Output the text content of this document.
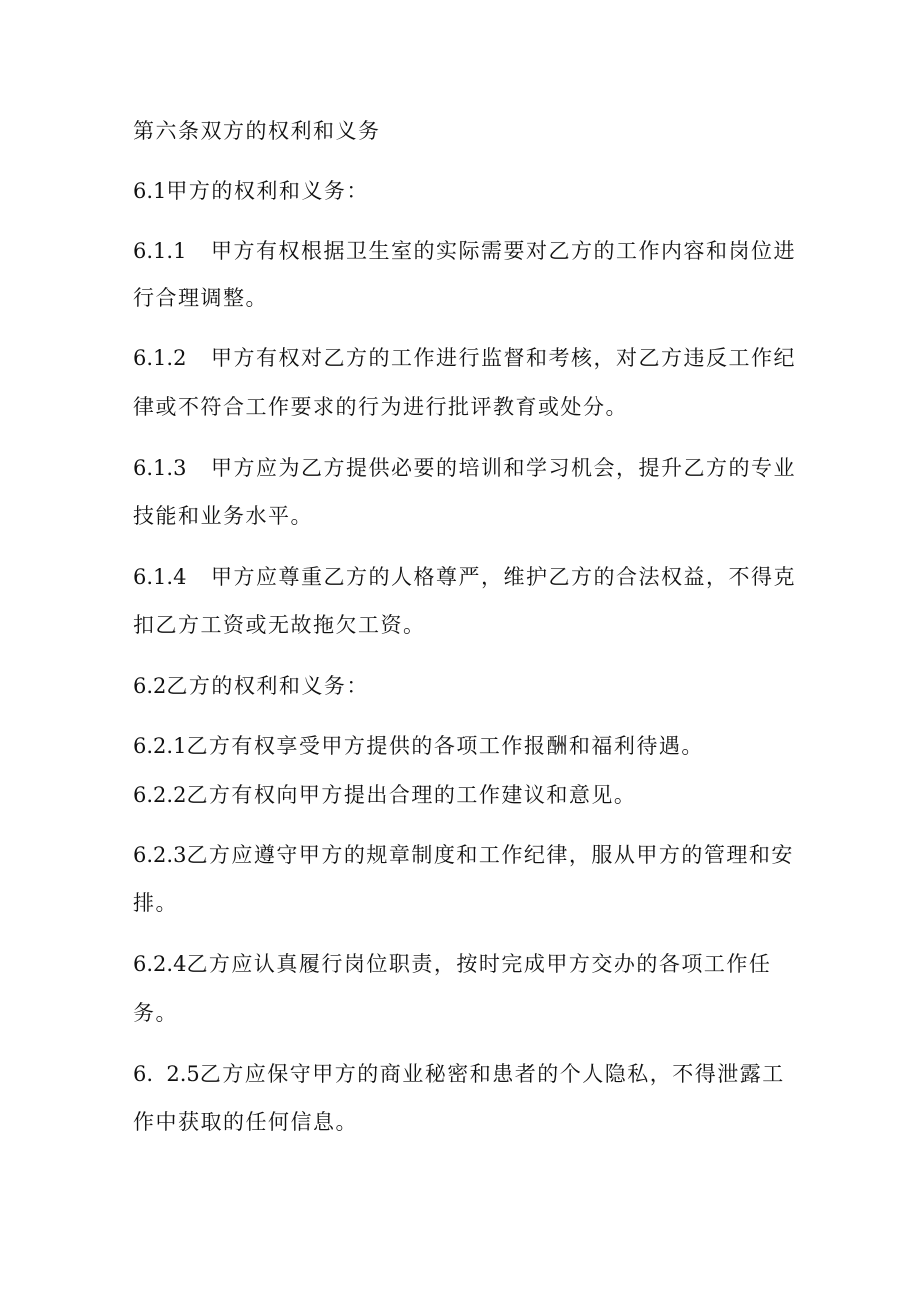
第六条双方的权利和义务
6.1甲方的权利和义务：
6.1.1 甲方有权根据卫生室的实际需要对乙方的工作内容和岗位进
行合理调整。
6.1.2 甲方有权对乙方的工作进行监督和考核，对乙方违反工作纪
律或不符合工作要求的行为进行批评教育或处分。
6.1.3 甲方应为乙方提供必要的培训和学习机会，提升乙方的专业
技能和业务水平。
6.1.4 甲方应尊重乙方的人格尊严，维护乙方的合法权益，不得克
扣乙方工资或无故拖欠工资。
6.2乙方的权利和义务：
6.2.1乙方有权享受甲方提供的各项工作报酬和福利待遇。
6.2.2乙方有权向甲方提出合理的工作建议和意见。
6.2.3乙方应遵守甲方的规章制度和工作纪律，服从甲方的管理和安
排。
6.2.4乙方应认真履行岗位职责，按时完成甲方交办的各项工作任
务。
6.  2.5乙方应保守甲方的商业秘密和患者的个人隐私，不得泄露工
作中获取的任何信息。
